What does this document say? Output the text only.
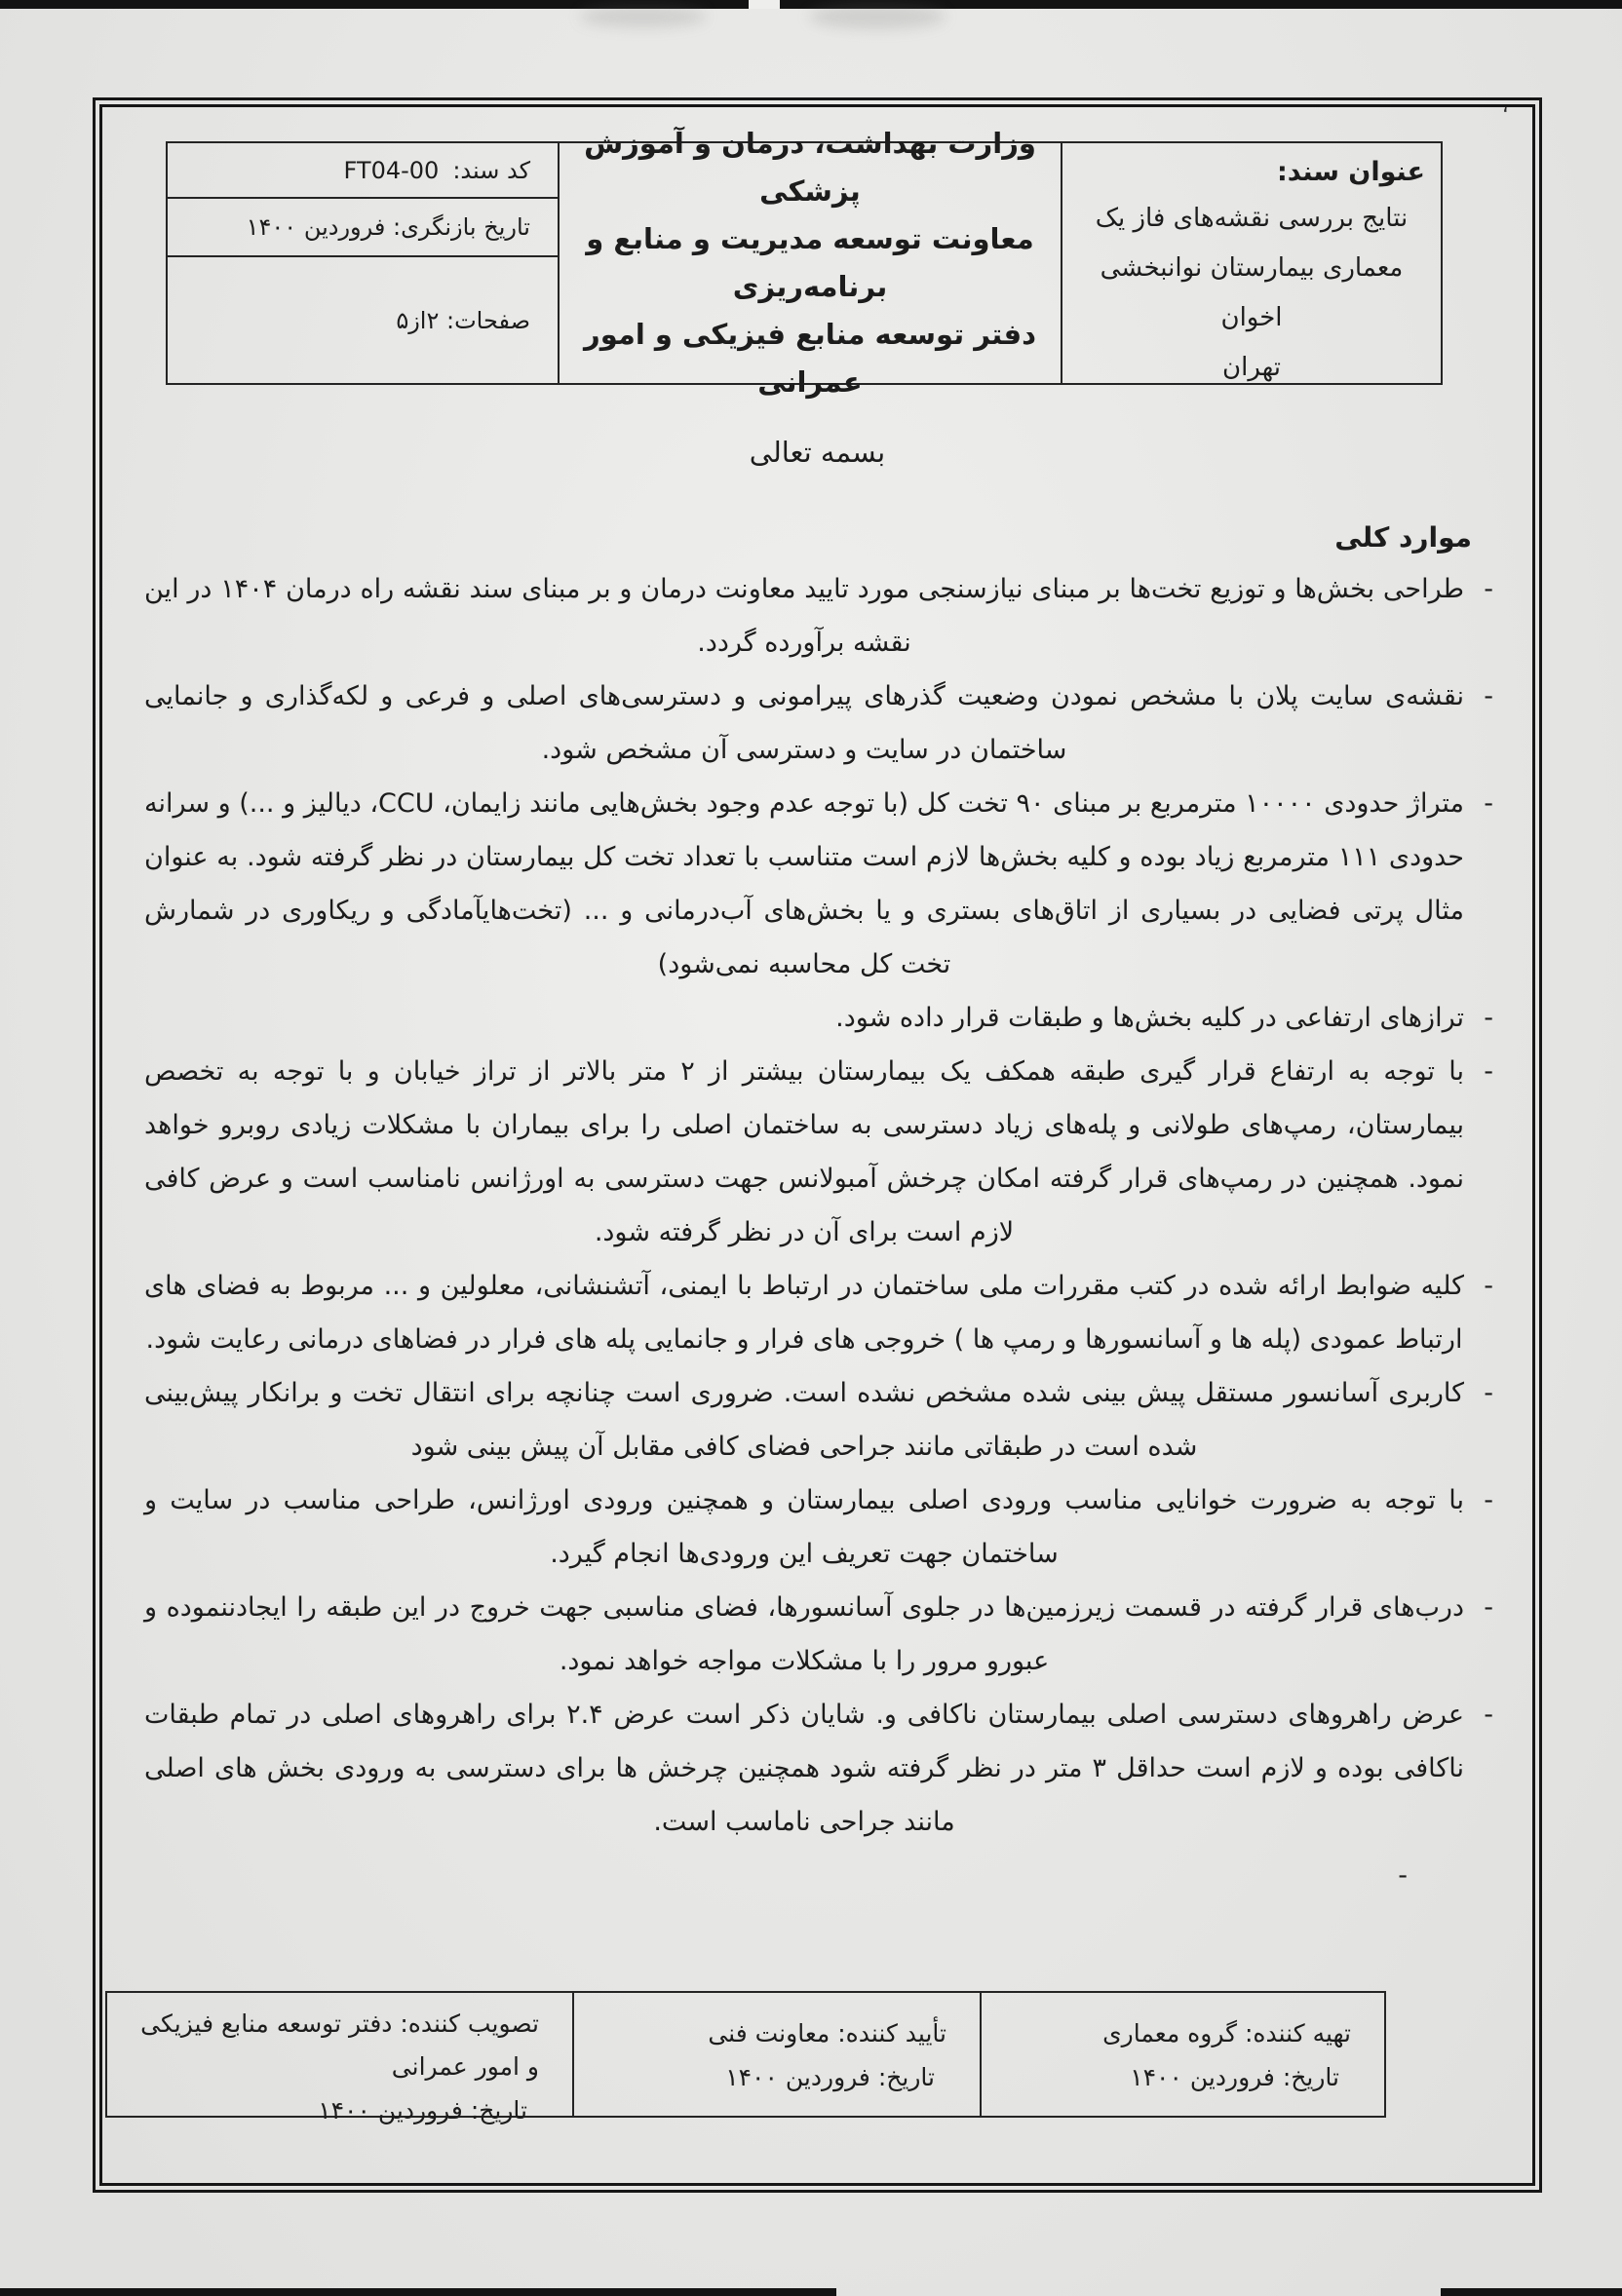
،

عنوان سند:

نتایج بررسی نقشه‌های فاز یک

معماری بیمارستان نوانبخشی اخوان

تهران

وزارت بهداشت، درمان و آموزش پزشکی

معاونت توسعه مدیریت و منابع و برنامه‌ریزی

دفتر توسعه منابع فیزیکی و امور عمرانی

کد سند:
FT04-00
تاریخ بازنگری: فروردین ۱۴۰۰
صفحات: ۲از۵

بسمه تعالی

موارد کلی

-

طراحی بخش‌ها و توزیع تخت‌ها بر مبنای نیازسنجی مورد تایید معاونت درمان و بر مبنای سند نقشه راه درمان ۱۴۰۴ در این نقشه برآورده گردد.

-

نقشه‌ی سایت پلان با مشخص نمودن وضعیت گذرهای پیرامونی و دسترسی‌های اصلی و فرعی و لکه‌گذاری و جانمایی ساختمان در سایت و دسترسی آن مشخص شود.

-

متراژ حدودی ۱۰۰۰۰ مترمربع بر مبنای ۹۰ تخت کل (با توجه عدم وجود بخش‌هایی مانند زایمان، CCU، دیالیز و ...) و سرانه حدودی ۱۱۱ مترمربع زیاد بوده و کلیه بخش‌ها لازم است متناسب با تعداد تخت کل بیمارستان در نظر گرفته شود. به عنوان مثال پرتی فضایی در بسیاری از اتاق‌های بستری و یا بخش‌های آب‌درمانی و ... (تخت‌هایآمادگی و ریکاوری در شمارش تخت کل محاسبه نمی‌شود)

-

ترازهای ارتفاعی در کلیه بخش‌ها و طبقات قرار داده شود.

-

با توجه به ارتفاع قرار گیری طبقه همکف یک بیمارستان بیشتر از ۲ متر بالاتر از تراز خیابان و با توجه به تخصص بیمارستان، رمپ‌های طولانی و پله‌های زیاد دسترسی به ساختمان اصلی را برای بیماران با مشکلات زیادی روبرو خواهد نمود. همچنین در رمپ‌های قرار گرفته امکان چرخش آمبولانس جهت دسترسی به اورژانس نامناسب است و عرض کافی لازم است برای آن در نظر گرفته شود.

-

کلیه ضوابط ارائه شده در کتب مقررات ملی ساختمان در ارتباط با ایمنی، آتشنشانی، معلولین و ... مربوط به فضای های ارتباط عمودی (پله ها و آسانسورها و رمپ ها ) خروجی های فرار و جانمایی پله های فرار در فضاهای درمانی رعایت شود.

-

کاربری آسانسور مستقل پیش بینی شده مشخص نشده است. ضروری است چنانچه برای انتقال تخت و برانکار پیش‌بینی شده است در طبقاتی مانند جراحی فضای کافی مقابل آن پیش بینی شود

-

با توجه به ضرورت خوانایی مناسب ورودی اصلی بیمارستان و همچنین ورودی اورژانس، طراحی مناسب در سایت و ساختمان جهت تعریف این ورودی‌ها انجام گیرد.

-

درب‌های قرار گرفته در قسمت زیرزمین‌ها در جلوی آسانسورها، فضای مناسبی جهت خروج در این طبقه را ایجادننموده و عبورو مرور را با مشکلات مواجه خواهد نمود.

-

عرض راهروهای دسترسی اصلی بیمارستان ناکافی و. شایان ذکر است عرض ۲.۴ برای راهروهای اصلی در تمام طبقات ناکافی بوده و لازم است حداقل ۳ متر در نظر گرفته شود همچنین چرخش ها برای دسترسی به ورودی بخش های اصلی مانند جراحی ناماسب است.

-

تهیه کننده: گروه معماری

تاریخ: فروردین ۱۴۰۰

تأیید کننده: معاونت فنی

تاریخ: فروردین ۱۴۰۰

تصویب کننده: دفتر توسعه منابع فیزیکی و امور عمرانی

تاریخ: فروردین ۱۴۰۰
